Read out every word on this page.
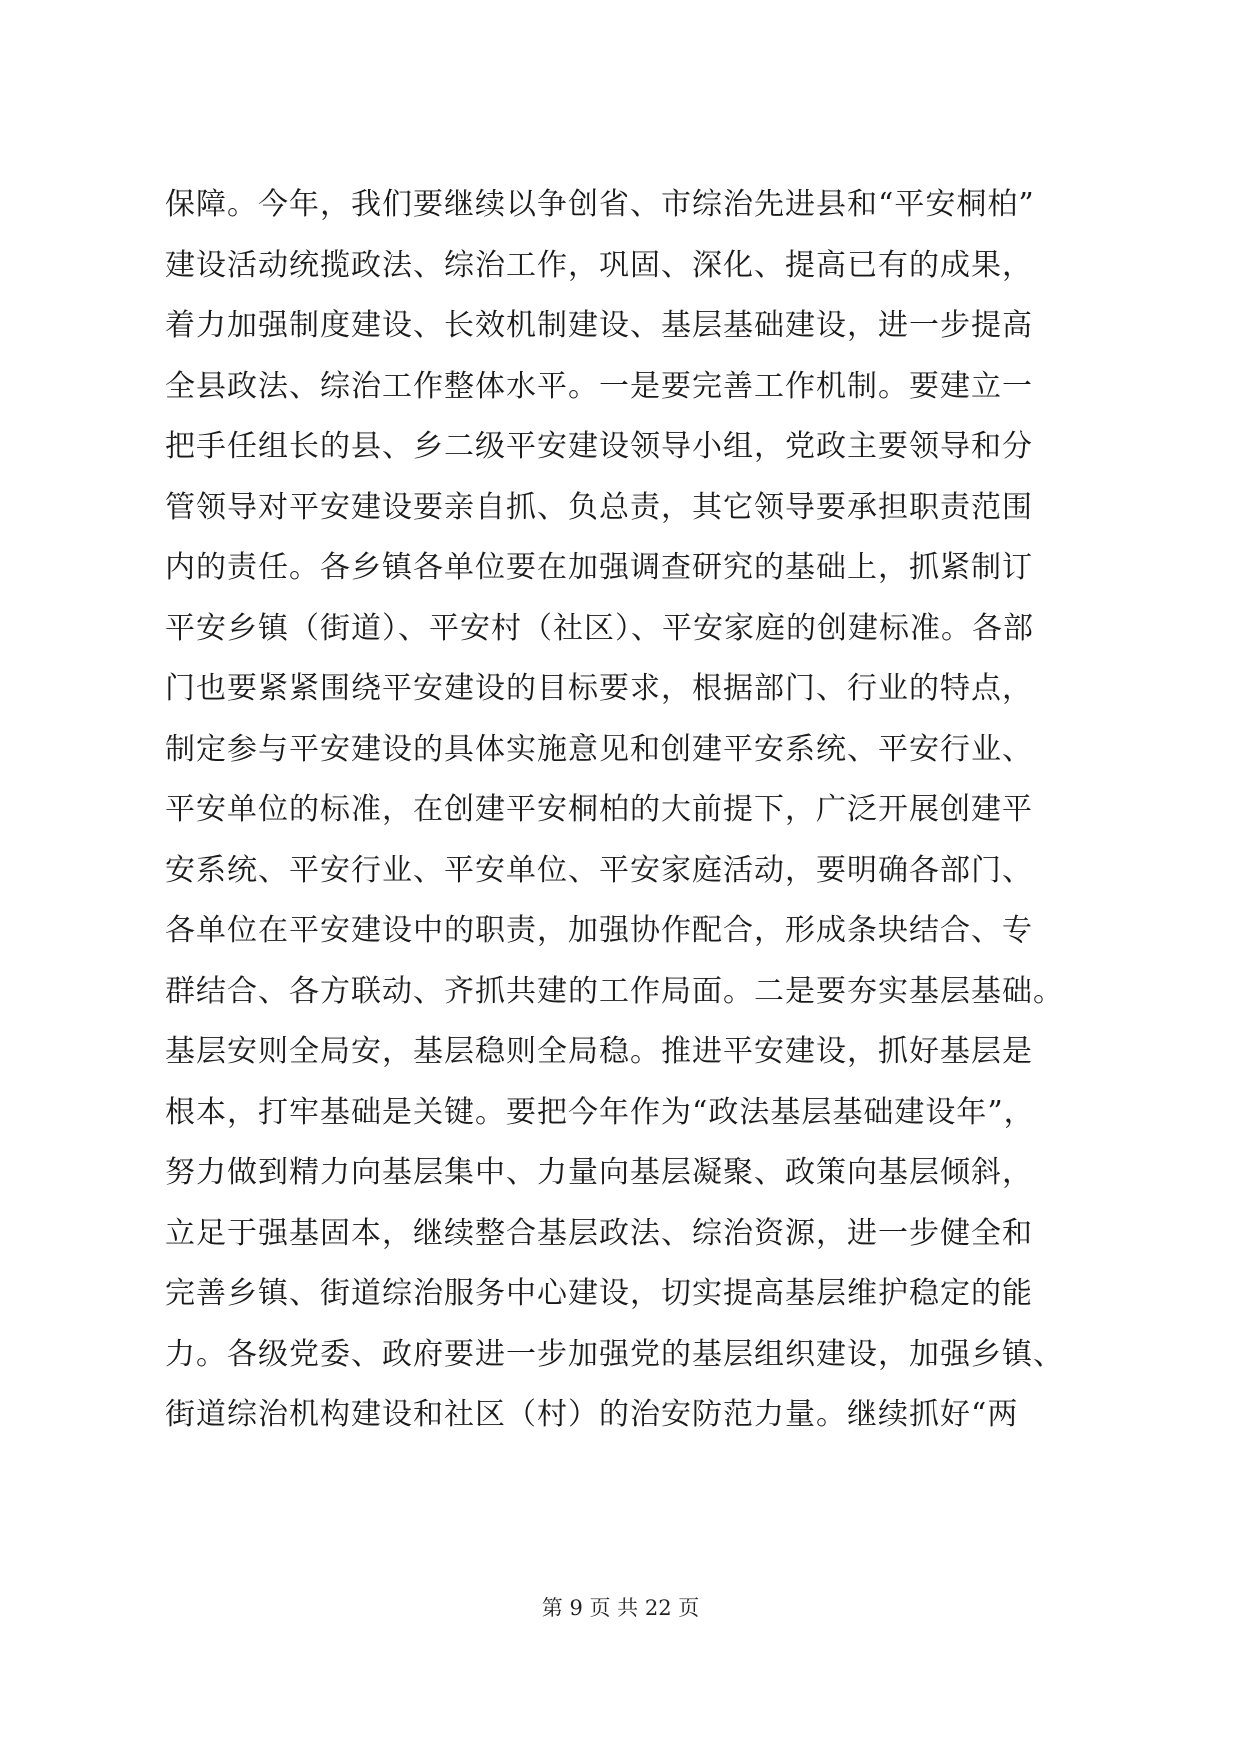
保障。今年，我们要继续以争创省、市综治先进县和“平安桐柏”
建设活动统揽政法、综治工作，巩固、深化、提高已有的成果，
着力加强制度建设、长效机制建设、基层基础建设，进一步提高
全县政法、综治工作整体水平。一是要完善工作机制。要建立一
把手任组长的县、乡二级平安建设领导小组，党政主要领导和分
管领导对平安建设要亲自抓、负总责，其它领导要承担职责范围
内的责任。各乡镇各单位要在加强调查研究的基础上，抓紧制订
平安乡镇（街道）、平安村（社区）、平安家庭的创建标准。各部
门也要紧紧围绕平安建设的目标要求，根据部门、行业的特点，
制定参与平安建设的具体实施意见和创建平安系统、平安行业、
平安单位的标准，在创建平安桐柏的大前提下，广泛开展创建平
安系统、平安行业、平安单位、平安家庭活动，要明确各部门、
各单位在平安建设中的职责，加强协作配合，形成条块结合、专
群结合、各方联动、齐抓共建的工作局面。二是要夯实基层基础。
基层安则全局安，基层稳则全局稳。推进平安建设，抓好基层是
根本，打牢基础是关键。要把今年作为“政法基层基础建设年”，
努力做到精力向基层集中、力量向基层凝聚、政策向基层倾斜，
立足于强基固本，继续整合基层政法、综治资源，进一步健全和
完善乡镇、街道综治服务中心建设，切实提高基层维护稳定的能
力。各级党委、政府要进一步加强党的基层组织建设，加强乡镇、
街道综治机构建设和社区（村）的治安防范力量。继续抓好“两
第 9 页 共 22 页
